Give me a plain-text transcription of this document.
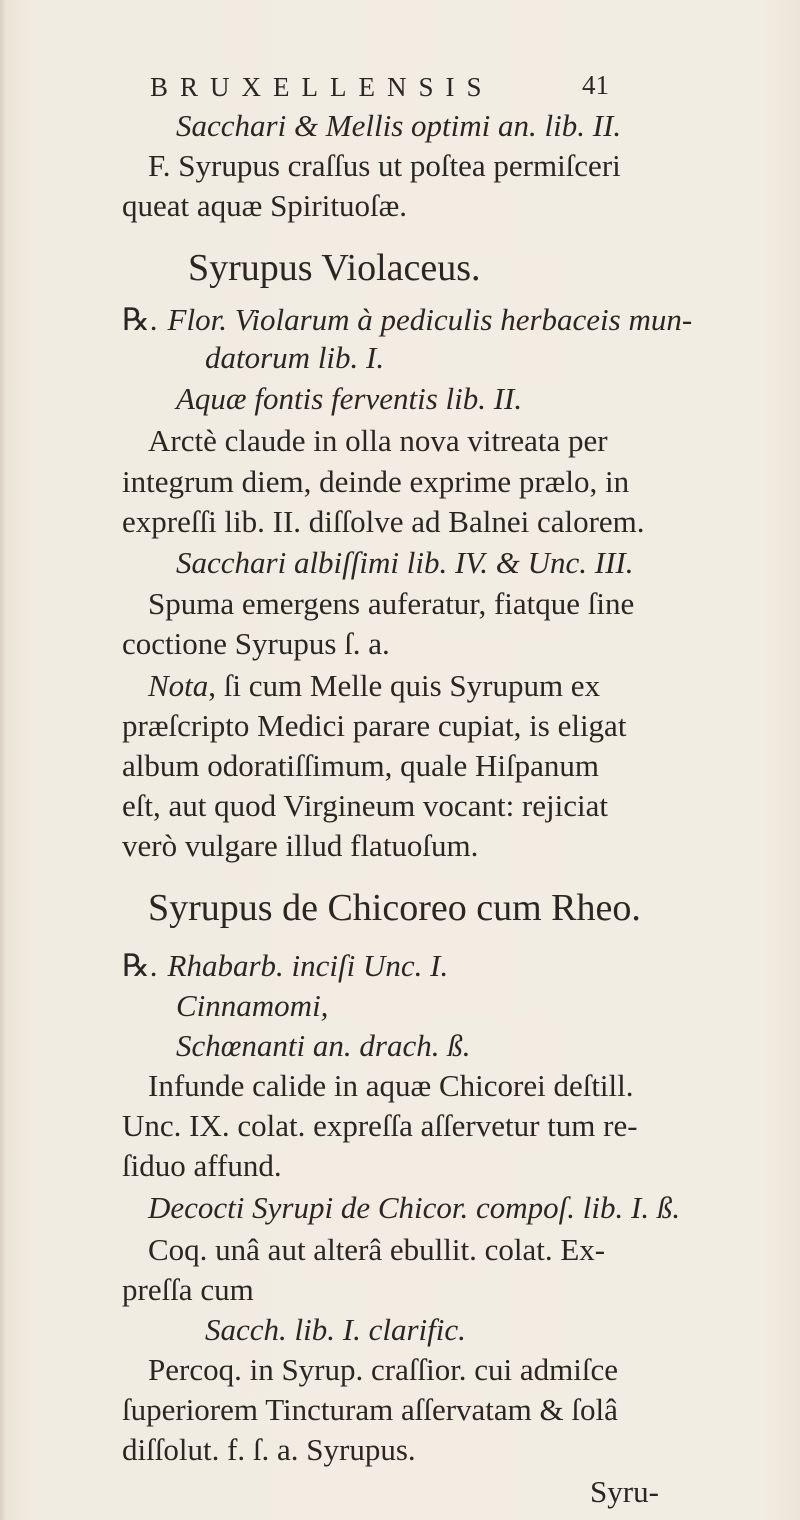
BRUXELLENSIS	41
Sacchari & Mellis optimi an. lib. II.
F. Syrupus craſſus ut poſtea permiſceri
queat aquæ Spirituoſæ.
Syrupus Violaceus.
℞. Flor. Violarum à pediculis herbaceis mun-
datorum lib. I.
Aquæ fontis ferventis lib. II.
Arctè claude in olla nova vitreata per
integrum diem, deinde exprime prælo, in
expreſſi lib. II. diſſolve ad Balnei calorem.
Sacchari albiſſimi lib. IV. & Unc. III.
Spuma emergens auferatur, fiatque ſine
coctione Syrupus ſ. a.
Nota, ſi cum Melle quis Syrupum ex
præſcripto Medici parare cupiat, is eligat
album odoratiſſimum, quale Hiſpanum
eſt, aut quod Virgineum vocant: rejiciat
verò vulgare illud flatuoſum.
Syrupus de Chicoreo cum Rheo.
℞. Rhabarb. inciſi Unc. I.
Cinnamomi,
Schœnanti an. drach. ß.
Infunde calide in aquæ Chicorei deſtill.
Unc. IX. colat. expreſſa aſſervetur tum re-
ſiduo affund.
Decocti Syrupi de Chicor. compoſ. lib. I. ß.
Coq. unâ aut alterâ ebullit. colat. Ex-
preſſa cum
Sacch. lib. I. clarific.
Percoq. in Syrup. craſſior. cui admiſce
ſuperiorem Tincturam aſſervatam & ſolâ
diſſolut. f. ſ. a. Syrupus.
Syru-
